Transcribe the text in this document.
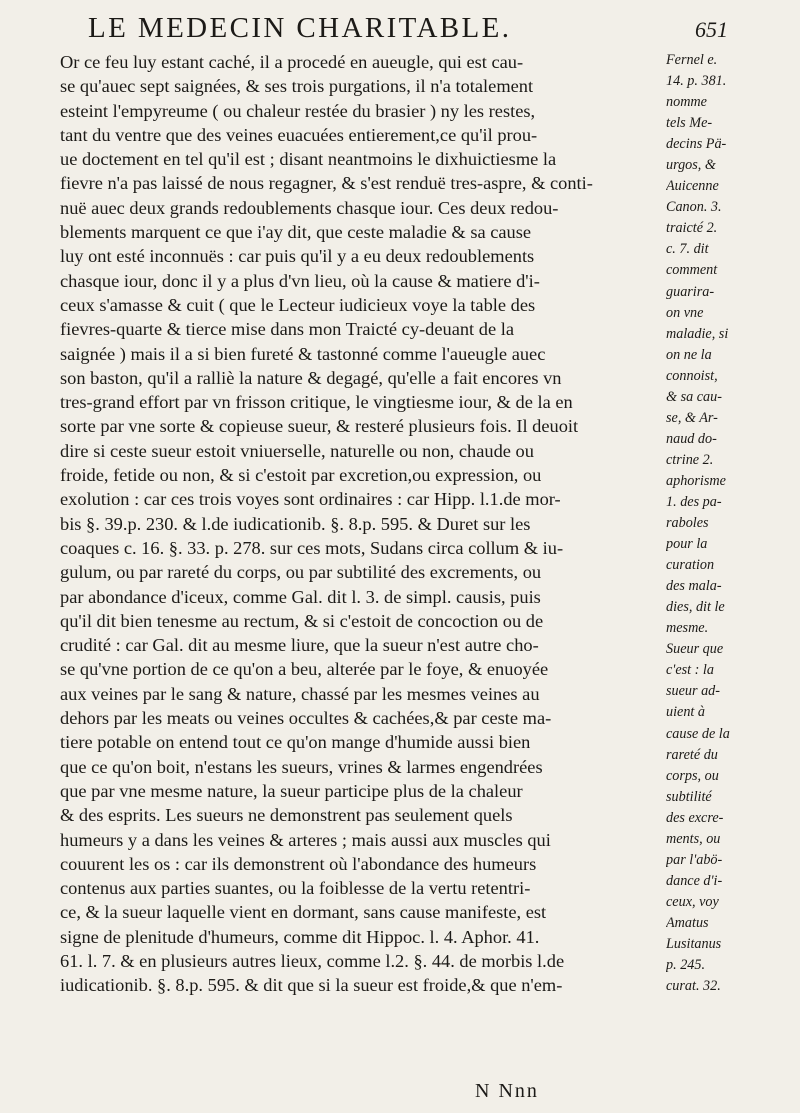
LE MEDECIN CHARITABLE.	651
Or ce feu luy estant caché, il a procedé en aueugle, qui est cau-
se qu'auec sept saignées, & ses trois purgations, il n'a totalement
esteint l'empyreume ( ou chaleur restée du brasier ) ny les restes,
tant du ventre que des veines euacuées entierement,ce qu'il prou-
ue doctement en tel qu'il est ; disant neantmoins le dixhuictiesme la
fievre n'a pas laissé de nous regagner, & s'est renduë tres-aspre, & conti-
nuë auec deux grands redoublements chasque iour. Ces deux redou-
blements marquent ce que i'ay dit, que ceste maladie & sa cause
luy ont esté inconnuës : car puis qu'il y a eu deux redoublements
chasque iour, donc il y a plus d'vn lieu, où la cause & matiere d'i-
ceux s'amasse & cuit ( que le Lecteur iudicieux voye la table des
fievres-quarte & tierce mise dans mon Traicté cy-deuant de la
saignée ) mais il a si bien fureté & tastonné comme l'aueugle auec
son baston, qu'il a ralliè la nature & degagé, qu'elle a fait encores vn
tres-grand effort par vn frisson critique, le vingtiesme iour, & de la en
sorte par vne sorte & copieuse sueur, & resteré plusieurs fois. Il deuoit
dire si ceste sueur estoit vniuerselle, naturelle ou non, chaude ou
froide, fetide ou non, & si c'estoit par excretion,ou expression, ou
exolution : car ces trois voyes sont ordinaires : car Hipp. l.1.de mor-
bis §. 39.p. 230. & l.de iudicationib. §. 8.p. 595. & Duret sur les
coaques c. 16. §. 33. p. 278. sur ces mots, Sudans circa collum & iu-
gulum, ou par rareté du corps, ou par subtilité des excrements, ou
par abondance d'iceux, comme Gal. dit l. 3. de simpl. causis, puis
qu'il dit bien tenesme au rectum, & si c'estoit de concoction ou de
crudité : car Gal. dit au mesme liure, que la sueur n'est autre cho-
se qu'vne portion de ce qu'on a beu, alterée par le foye, & enuoyée
aux veines par le sang & nature, chassé par les mesmes veines au
dehors par les meats ou veines occultes & cachées,& par ceste ma-
tiere potable on entend tout ce qu'on mange d'humide aussi bien
que ce qu'on boit, n'estans les sueurs, vrines & larmes engendrées
que par vne mesme nature, la sueur participe plus de la chaleur
& des esprits. Les sueurs ne demonstrent pas seulement quels
humeurs y a dans les veines & arteres ; mais aussi aux muscles qui
couurent les os : car ils demonstrent où l'abondance des humeurs
contenus aux parties suantes, ou la foiblesse de la vertu retentri-
ce, & la sueur laquelle vient en dormant, sans cause manifeste, est
signe de plenitude d'humeurs, comme dit Hippoc. l. 4. Aphor. 41.
61. l. 7. & en plusieurs autres lieux, comme l.2. §. 44. de morbis l.de
iudicationib. §. 8.p. 595. & dit que si la sueur est froide,& que n'em-
Fernel e.
14. p. 381.
nomme
tels Me-
decins Pä-
urgos, &
Auicenne
Canon. 3.
traicté 2.
c. 7. dit
comment
guarira-
on vne
maladie, si
on ne la
connoist,
& sa cau-
se, & Ar-
naud do-
ctrine 2.
aphorisme
1. des pa-
raboles
pour la
curation
des mala-
dies, dit le
mesme.
Sueur que
c'est : la
sueur ad-
uient à
cause de la
rareté du
corps, ou
subtilité
des excre-
ments, ou
par l'abö-
dance d'i-
ceux, voy
Amatus
Lusitanus
p. 245.
curat. 32.
N Nnn
